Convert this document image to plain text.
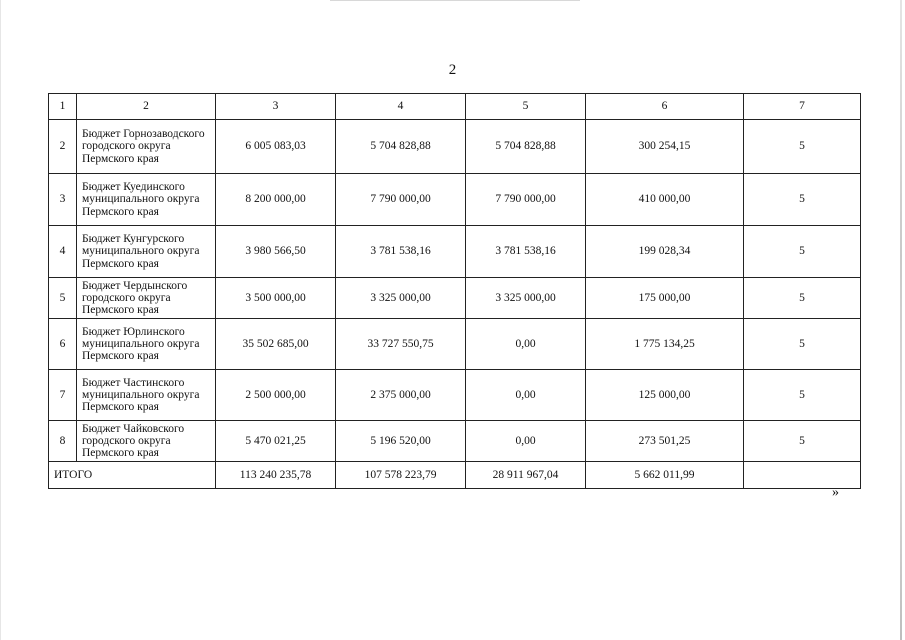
2
1	2	3	4	5	6	7
2	Бюджет Горнозаводского городского округа Пермского края	6 005 083,03	5 704 828,88	5 704 828,88	300 254,15	5
3	Бюджет Куединского муниципального округа Пермского края	8 200 000,00	7 790 000,00	7 790 000,00	410 000,00	5
4	Бюджет Кунгурского муниципального округа Пермского края	3 980 566,50	3 781 538,16	3 781 538,16	199 028,34	5
5	Бюджет Чердынского городского округа Пермского края	3 500 000,00	3 325 000,00	3 325 000,00	175 000,00	5
6	Бюджет Юрлинского муниципального округа Пермского края	35 502 685,00	33 727 550,75	0,00	1 775 134,25	5
7	Бюджет Частинского муниципального округа Пермского края	2 500 000,00	2 375 000,00	0,00	125 000,00	5
8	Бюджет Чайковского городского округа Пермского края	5 470 021,25	5 196 520,00	0,00	273 501,25	5
ИТОГО		113 240 235,78	107 578 223,79	28 911 967,04	5 662 011,99	
»
